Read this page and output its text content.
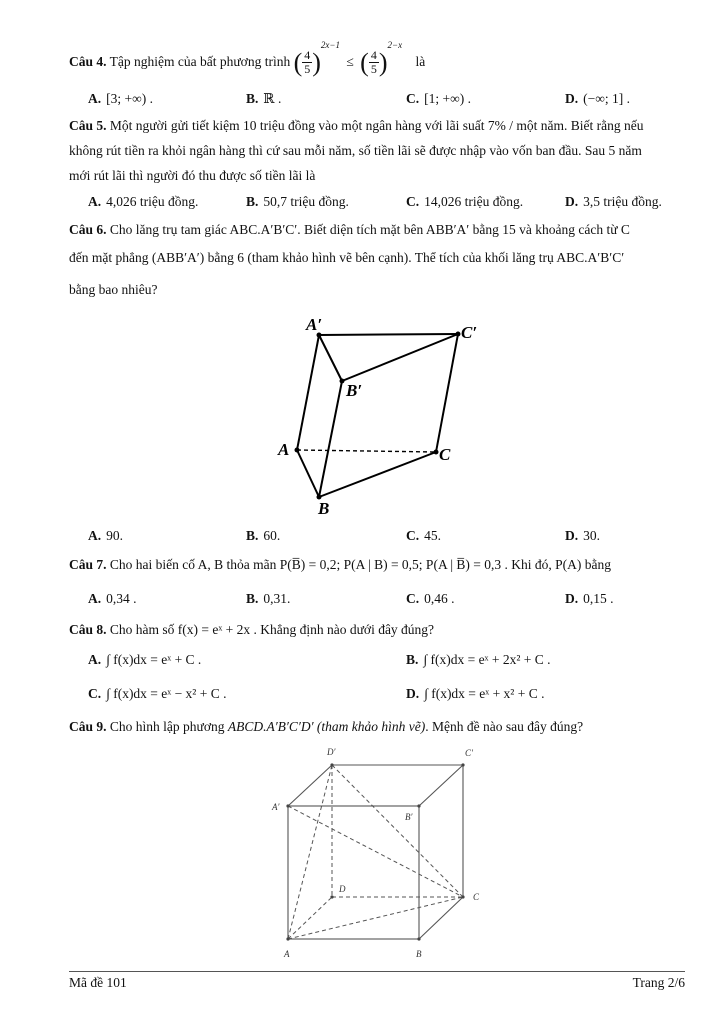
Câu 4. Tập nghiệm của bất phương trình ( $\frac{4}{5} )^{2x-1}$ ≤ ( $\frac{4}{5} )^{2-x}$ là
A. [3; +∞) .	B. ℝ .	C. [1; +∞) .	D. (−∞; 1] .
Câu 5. Một người gửi tiết kiệm 10 triệu đồng vào một ngân hàng với lãi suất 7% / một năm. Biết rằng nếu
không rút tiền ra khỏi ngân hàng thì cứ sau mỗi năm, số tiền lãi sẽ được nhập vào vốn ban đầu. Sau 5 năm
mới rút lãi thì người đó thu được số tiền lãi là
A. 4,026 triệu đồng.	B. 50,7 triệu đồng.	C. 14,026 triệu đồng.	D. 3,5 triệu đồng.
Câu 6. Cho lăng trụ tam giác ABC.A′B′C′. Biết diện tích mặt bên ABB′A′ bằng 15 và khoảng cách từ C
đến mặt phẳng (ABB′A′) bằng 6 (tham khảo hình vẽ bên cạnh). Thể tích của khối lăng trụ ABC.A′B′C′
bằng bao nhiêu?
A′	C′
B′
A	C
B
A. 90.	B. 60.	C. 45.	D. 30.
Câu 7. Cho hai biến cố A, B thỏa mãn P(B̅) = 0,2; P(A | B) = 0,5; P(A | B̅) = 0,3 . Khi đó, P(A) bằng
A. 0,34 .	B. 0,31.	C. 0,46 .	D. 0,15 .
Câu 8. Cho hàm số f(x) = eˣ + 2x . Khẳng định nào dưới đây đúng?
A. ∫ f(x)dx = eˣ + C .	B. ∫ f(x)dx = eˣ + 2x² + C .
C. ∫ f(x)dx = eˣ − x² + C .	D. ∫ f(x)dx = eˣ + x² + C .
Câu 9. Cho hình lập phương ABCD.A′B′C′D′ (tham khảo hình vẽ). Mệnh đề nào sau đây đúng?
D′	C′
A′
B′
D
C
A	B
Mã đề 101	Trang 2/6
